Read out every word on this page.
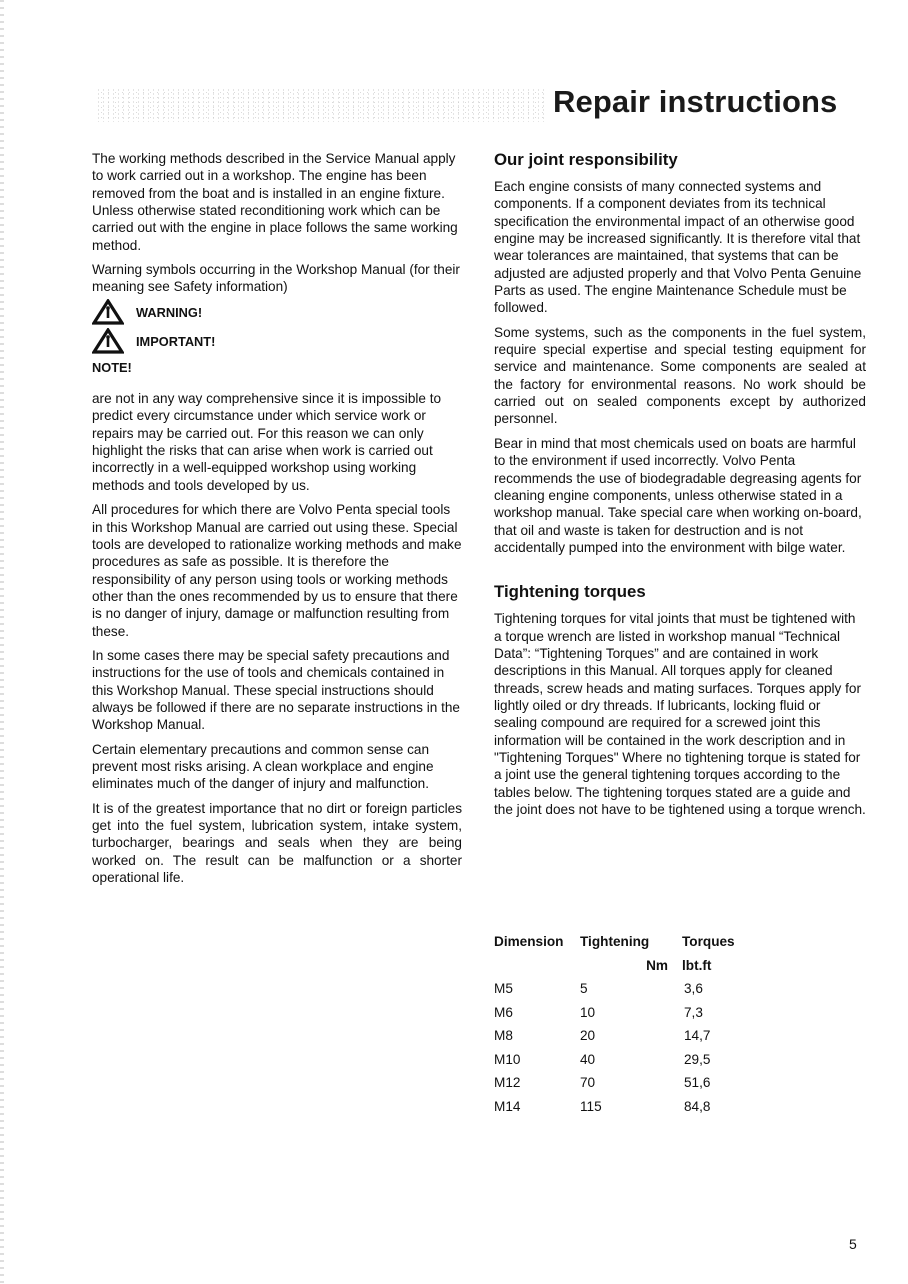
Repair instructions

The working methods described in the Service Manual apply to work carried out in a workshop. The engine has been removed from the boat and is installed in an engine fixture. Unless otherwise stated reconditioning work which can be carried out with the engine in place follows the same working method.

Warning symbols occurring in the Workshop Manual (for their meaning see Safety information)

WARNING!
IMPORTANT!
NOTE!

are not in any way comprehensive since it is impossible to predict every circumstance under which service work or repairs may be carried out. For this reason we can only highlight the risks that can arise when work is carried out incorrectly in a well-equipped workshop using working methods and tools developed by us.

All procedures for which there are Volvo Penta special tools in this Workshop Manual are carried out using these. Special tools are developed to rationalize working methods and make procedures as safe as possible. It is therefore the responsibility of any person using tools or working methods other than the ones recommended by us to ensure that there is no danger of injury, damage or malfunction resulting from these.

In some cases there may be special safety precautions and instructions for the use of tools and chemicals contained in this Workshop Manual. These special instructions should always be followed if there are no separate instructions in the Workshop Manual.

Certain elementary precautions and common sense can prevent most risks arising. A clean workplace and engine eliminates much of the danger of injury and malfunction.

It is of the greatest importance that no dirt or foreign particles get into the fuel system, lubrication system, intake system, turbocharger, bearings and seals when they are being worked on. The result can be malfunction or a shorter operational life.

Our joint responsibility

Each engine consists of many connected systems and components. If a component deviates from its technical specification the environmental impact of an otherwise good engine may be increased significantly. It is therefore vital that wear tolerances are maintained, that systems that can be adjusted are adjusted properly and that Volvo Penta Genuine Parts as used. The engine Maintenance Schedule must be followed.

Some systems, such as the components in the fuel system, require special expertise and special testing equipment for service and maintenance. Some components are sealed at the factory for environmental reasons. No work should be carried out on sealed components except by authorized personnel.

Bear in mind that most chemicals used on boats are harmful to the environment if used incorrectly. Volvo Penta recommends the use of biodegradable degreasing agents for cleaning engine components, unless otherwise stated in a workshop manual. Take special care when working on-board, that oil and waste is taken for destruction and is not accidentally pumped into the environment with bilge water.

Tightening torques

Tightening torques for vital joints that must be tightened with a torque wrench are listed in workshop manual “Technical Data”: “Tightening Torques” and are contained in work descriptions in this Manual. All torques apply for cleaned threads, screw heads and mating surfaces. Torques apply for lightly oiled or dry threads. If lubricants, locking fluid or sealing compound are required for a screwed joint this information will be contained in the work description and in "Tightening Torques" Where no tightening torque is stated for a joint use the general tightening torques according to the tables below. The tightening torques stated are a guide and the joint does not have to be tightened using a torque wrench.

Dimension	Tightening	Torques
	Nm	lbt.ft
M5	5	3,6
M6	10	7,3
M8	20	14,7
M10	40	29,5
M12	70	51,6
M14	115	84,8
5
